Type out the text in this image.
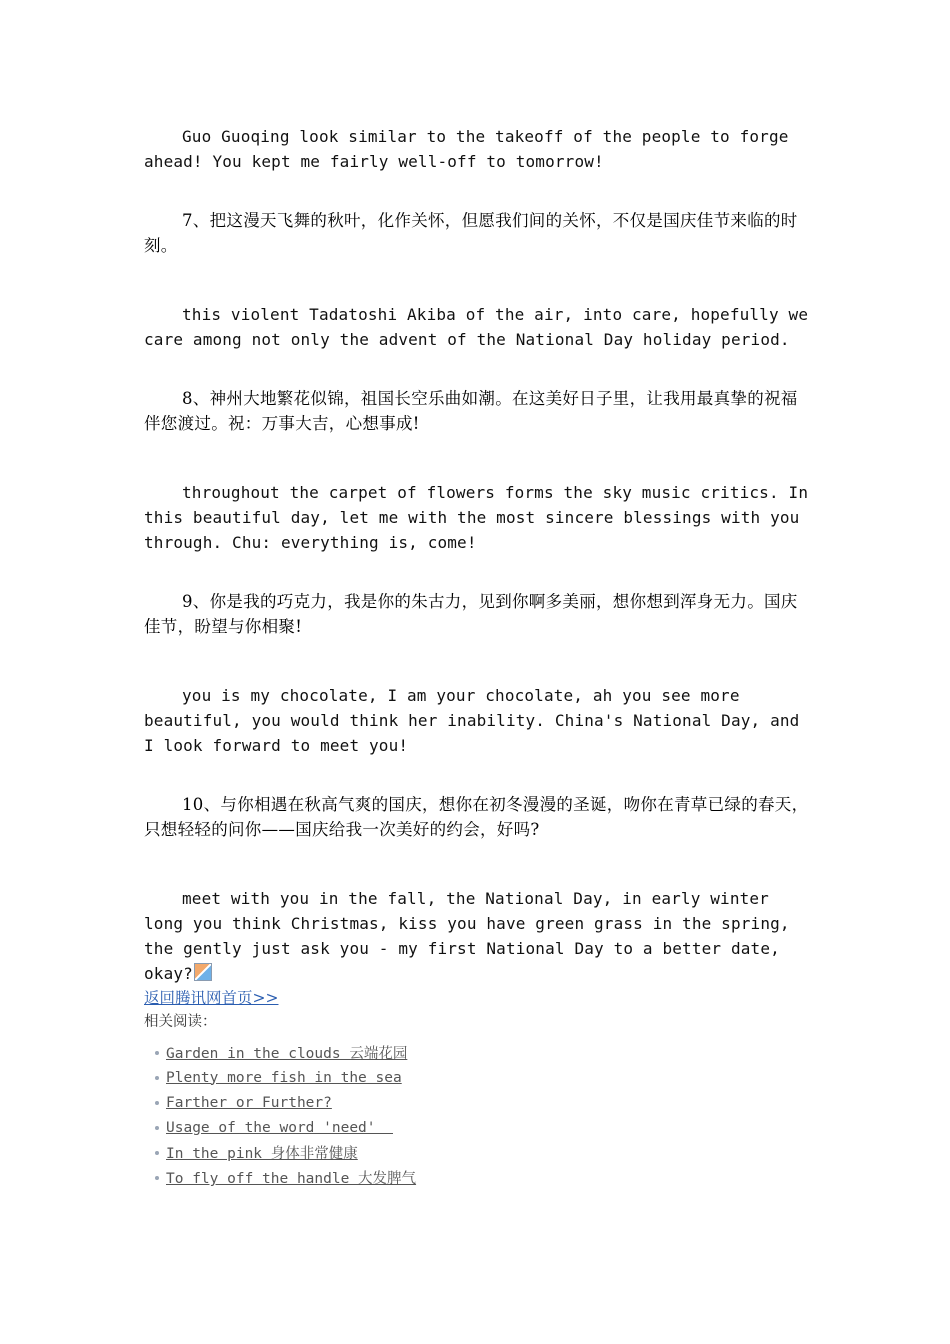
Guo Guoqing look similar to the takeoff of the people to forge ahead! You kept me fairly well-off to tomorrow!

7、把这漫天飞舞的秋叶，化作关怀，但愿我们间的关怀，不仅是国庆佳节来临的时刻。

this violent Tadatoshi Akiba of the air, into care, hopefully we care among not only the advent of the National Day holiday period.

8、神州大地繁花似锦，祖国长空乐曲如潮。在这美好日子里，让我用最真挚的祝福伴您渡过。祝：万事大吉，心想事成!

throughout the carpet of flowers forms the sky music critics. In this beautiful day, let me with the most sincere blessings with you through. Chu: everything is, come!

9、你是我的巧克力，我是你的朱古力，见到你啊多美丽，想你想到浑身无力。国庆佳节，盼望与你相聚!

you is my chocolate, I am your chocolate, ah you see more beautiful, you would think her inability. China's National Day, and I look forward to meet you!

10、与你相遇在秋高气爽的国庆，想你在初冬漫漫的圣诞，吻你在青草已绿的春天，只想轻轻的问你——国庆给我一次美好的约会，好吗?

meet with you in the fall, the National Day, in early winter long you think Christmas, kiss you have green grass in the spring, the gently just ask you - my first National Day to a better date, okay?

返回腾讯网首页>>
相关阅读：
Garden in the clouds 云端花园
Plenty more fish in the sea
Farther or Further?
Usage of the word 'need'
In the pink 身体非常健康
To fly off the handle 大发脾气
